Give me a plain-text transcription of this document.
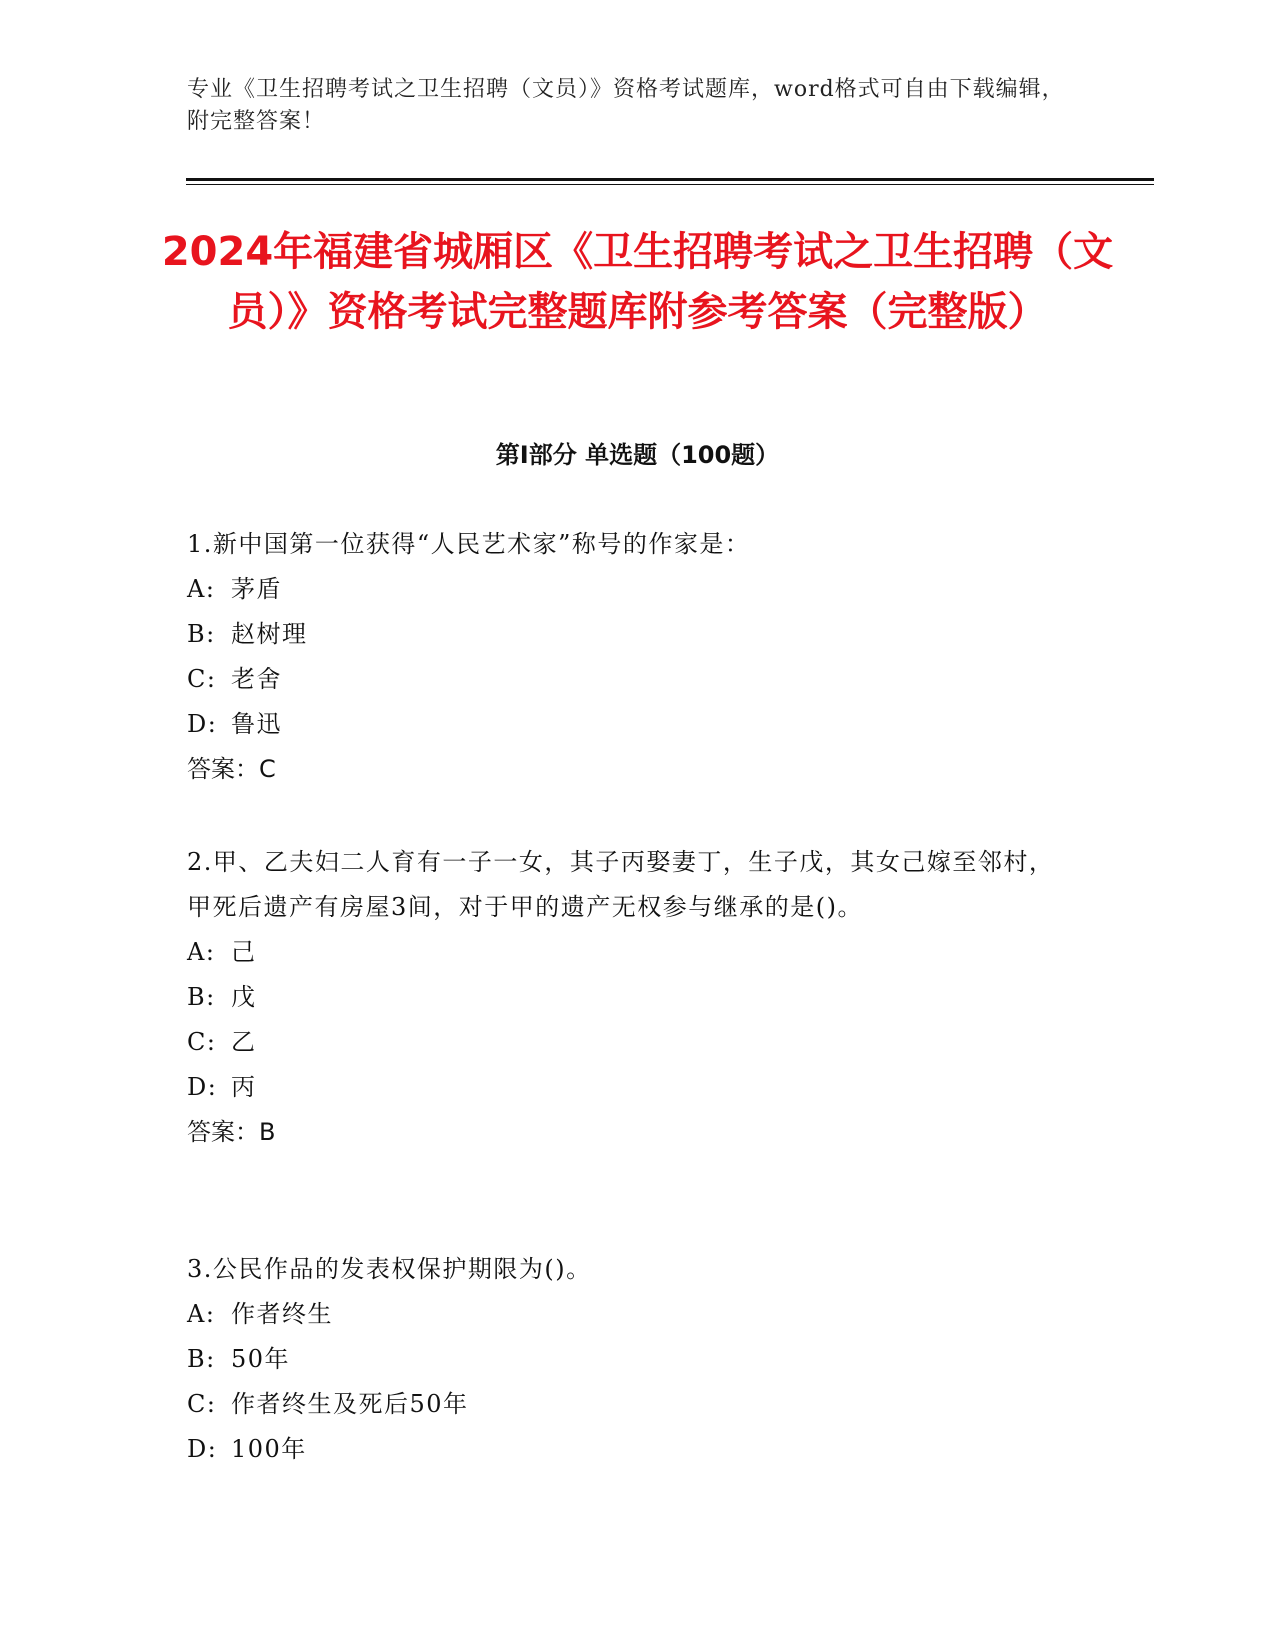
专业《卫生招聘考试之卫生招聘（文员）》资格考试题库，word格式可自由下载编辑，附完整答案！
2024年福建省城厢区《卫生招聘考试之卫生招聘（文员）》资格考试完整题库附参考答案（完整版）
第I部分 单选题（100题）
1.新中国第一位获得“人民艺术家”称号的作家是：
A: 茅盾
B: 赵树理
C: 老舍
D: 鲁迅
答案：C
2.甲、乙夫妇二人育有一子一女，其子丙娶妻丁，生子戊，其女己嫁至邻村，甲死后遗产有房屋3间，对于甲的遗产无权参与继承的是()。
A: 己
B: 戊
C: 乙
D: 丙
答案：B
3.公民作品的发表权保护期限为()。
A: 作者终生
B: 50年
C: 作者终生及死后50年
D: 100年
